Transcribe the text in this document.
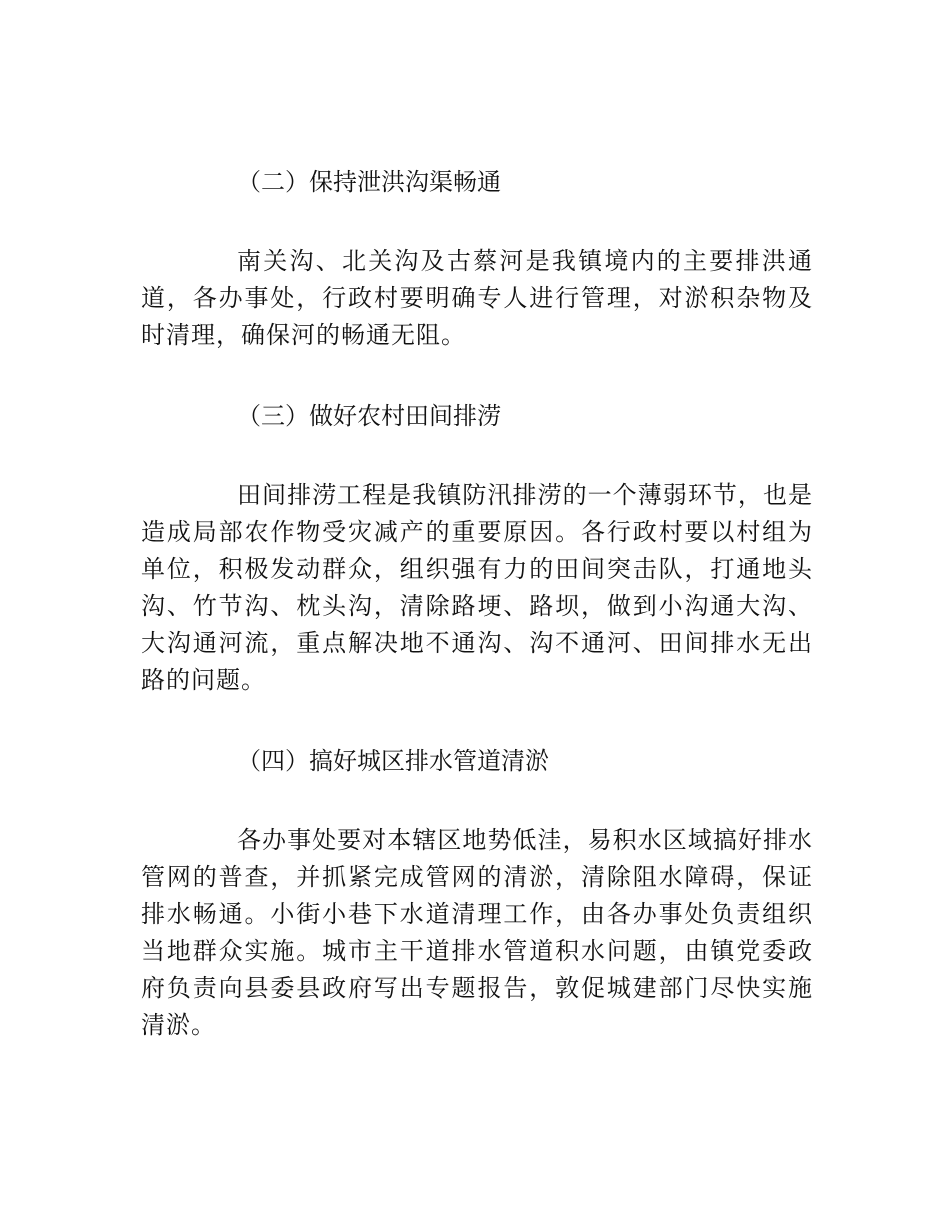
（二）保持泄洪沟渠畅通

南关沟、北关沟及古蔡河是我镇境内的主要排洪通道，各办事处，行政村要明确专人进行管理，对淤积杂物及时清理，确保河的畅通无阻。

（三）做好农村田间排涝

田间排涝工程是我镇防汛排涝的一个薄弱环节，也是造成局部农作物受灾减产的重要原因。各行政村要以村组为单位，积极发动群众，组织强有力的田间突击队，打通地头沟、竹节沟、枕头沟，清除路埂、路坝，做到小沟通大沟、大沟通河流，重点解决地不通沟、沟不通河、田间排水无出路的问题。

（四）搞好城区排水管道清淤

各办事处要对本辖区地势低洼，易积水区域搞好排水管网的普查，并抓紧完成管网的清淤，清除阻水障碍，保证排水畅通。小街小巷下水道清理工作，由各办事处负责组织当地群众实施。城市主干道排水管道积水问题，由镇党委政府负责向县委县政府写出专题报告，敦促城建部门尽快实施清淤。
